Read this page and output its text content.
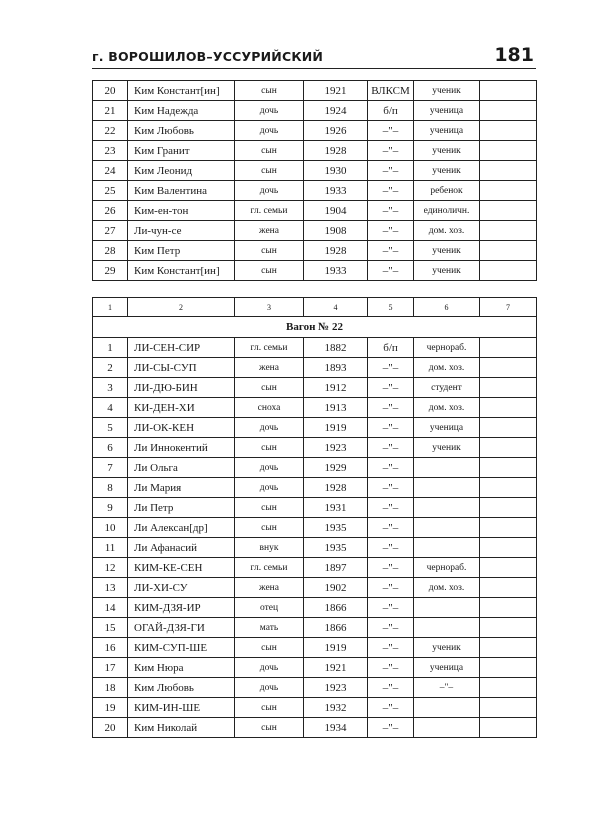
г. ВОРОШИЛОВ–УССУРИЙСКИЙ	181
20	Ким Констант[ин]	сын	1921	ВЛКСМ	ученик	
21	Ким Надежда	дочь	1924	б/п	ученица	
22	Ким Любовь	дочь	1926	–"–	ученица	
23	Ким Гранит	сын	1928	–"–	ученик	
24	Ким Леонид	сын	1930	–"–	ученик	
25	Ким Валентина	дочь	1933	–"–	ребенок	
26	Ким-ен-тон	гл. семьи	1904	–"–	единоличн.	
27	Ли-чун-се	жена	1908	–"–	дом. хоз.	
28	Ким Петр	сын	1928	–"–	ученик	
29	Ким Констант[ин]	сын	1933	–"–	ученик	
1	2	3	4	5	6	7
Вагон № 22						
1	ЛИ-СЕН-СИР	гл. семьи	1882	б/п	чернораб.	
2	ЛИ-СЫ-СУП	жена	1893	–"–	дом. хоз.	
3	ЛИ-ДЮ-БИН	сын	1912	–"–	студент	
4	КИ-ДЕН-ХИ	сноха	1913	–"–	дом. хоз.	
5	ЛИ-ОК-КЕН	дочь	1919	–"–	ученица	
6	Ли Иннокентий	сын	1923	–"–	ученик	
7	Ли Ольга	дочь	1929	–"–		
8	Ли Мария	дочь	1928	–"–		
9	Ли Петр	сын	1931	–"–		
10	Ли Алексан[др]	сын	1935	–"–		
11	Ли Афанасий	внук	1935	–"–		
12	КИМ-КЕ-СЕН	гл. семьи	1897	–"–	чернораб.	
13	ЛИ-ХИ-СУ	жена	1902	–"–	дом. хоз.	
14	КИМ-ДЗЯ-ИР	отец	1866	–"–		
15	ОГАЙ-ДЗЯ-ГИ	мать	1866	–"–		
16	КИМ-СУП-ШЕ	сын	1919	–"–	ученик	
17	Ким Нюра	дочь	1921	–"–	ученица	
18	Ким Любовь	дочь	1923	–"–	–"–	
19	КИМ-ИН-ШЕ	сын	1932	–"–		
20	Ким Николай	сын	1934	–"–		
